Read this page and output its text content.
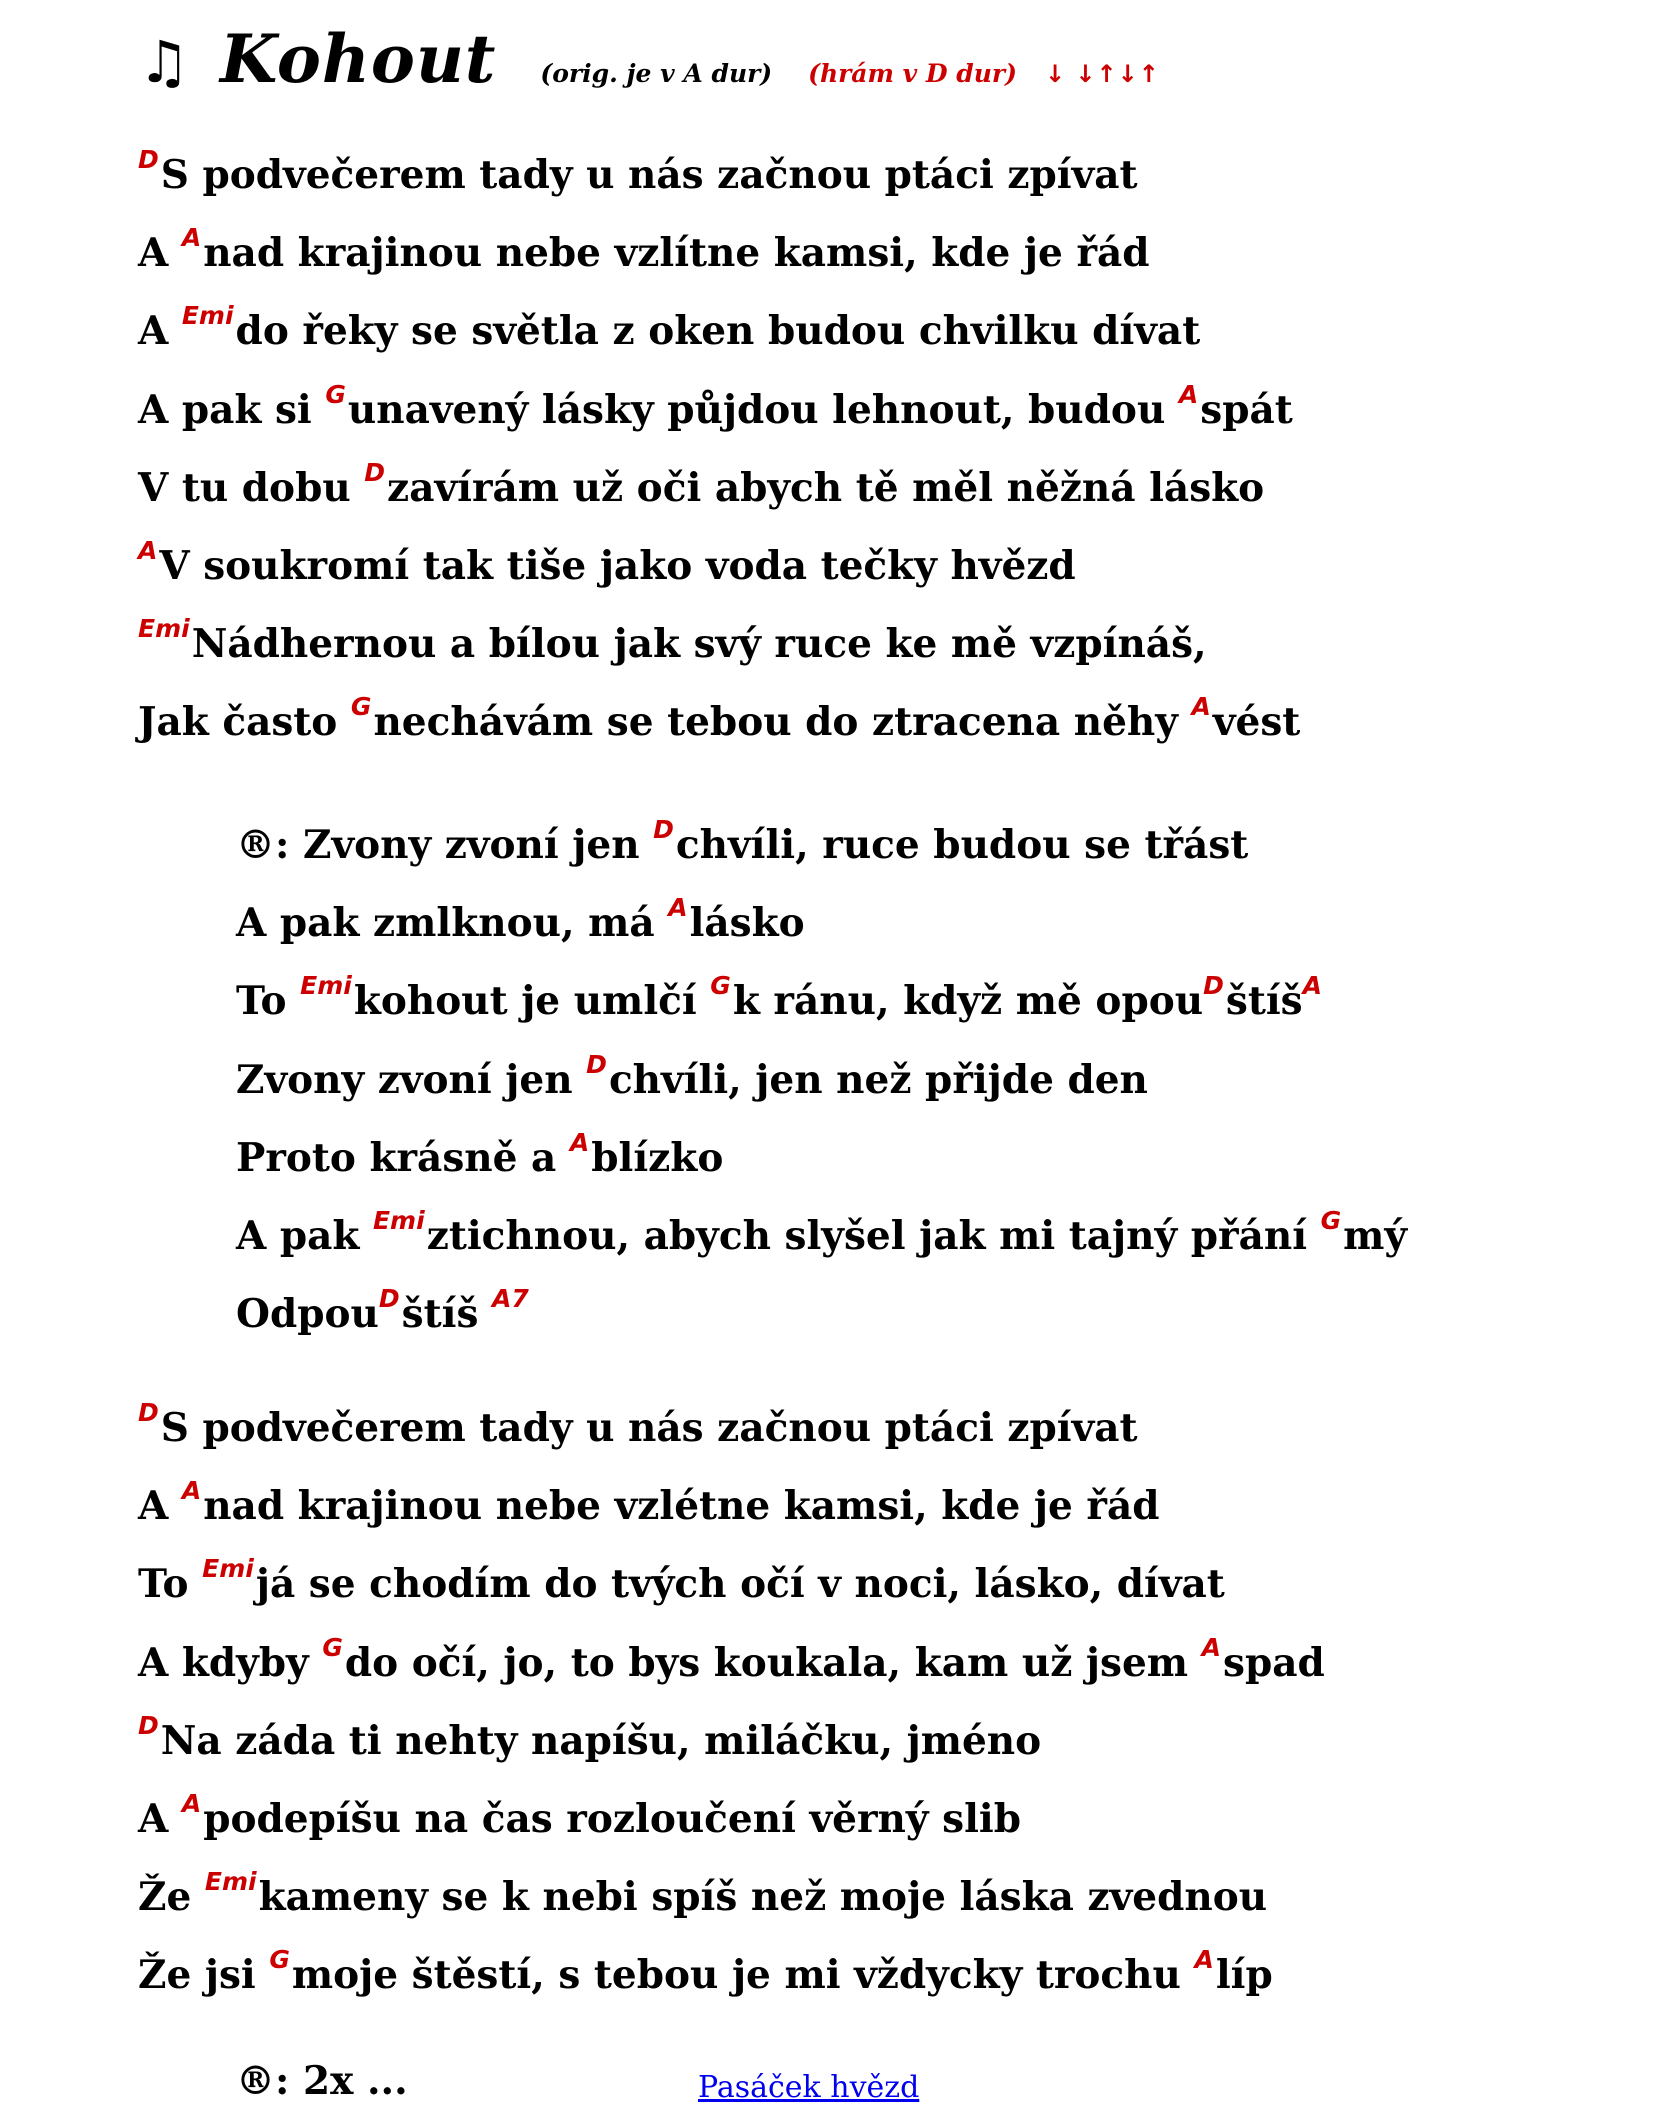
♫ Kohout (orig. je v A dur) (hrám v D dur) ↓ ↓↑↓↑
$^D$S podvečerem tady u nás začnou ptáci zpívat
A $^A$nad krajinou nebe vzlítne kamsi, kde je řád
A $^{Emi}$do řeky se světla z oken budou chvilku dívat
A pak si $^G$unavený lásky půjdou lehnout, budou $^A$spát
V tu dobu $^D$zavírám už oči abych tě měl něžná lásko
$^A$V soukromí tak tiše jako voda tečky hvězd
$^{Emi}$Nádhernou a bílou jak svý ruce ke mě vzpínáš,
Jak často $^G$nechávám se tebou do ztracena něhy $^A$vést
®: Zvony zvoní jen $^D$chvíli, ruce budou se třást
A pak zmlknou, má $^A$lásko
To $^{Emi}$kohout je umlčí $^G$k ránu, když mě opou$^D$štíš$^A$
Zvony zvoní jen $^D$chvíli, jen než přijde den
Proto krásně a $^A$blízko
A pak $^{Emi}$ztichnou, abych slyšel jak mi tajný přání $^G$mý
Odpou$^D$štíš $^{A7}$
$^D$S podvečerem tady u nás začnou ptáci zpívat
A $^A$nad krajinou nebe vzlétne kamsi, kde je řád
To $^{Emi}$já se chodím do tvých očí v noci, lásko, dívat
A kdyby $^G$do očí, jo, to bys koukala, kam už jsem $^A$spad
$^D$Na záda ti nehty napíšu, miláčku, jméno
A $^A$podepíšu na čas rozloučení věrný slib
Že $^{Emi}$kameny se k nebi spíš než moje láska zvednou
Že jsi $^G$moje štěstí, s tebou je mi vždycky trochu $^A$líp
®: 2x ...	Pasáček hvězd
